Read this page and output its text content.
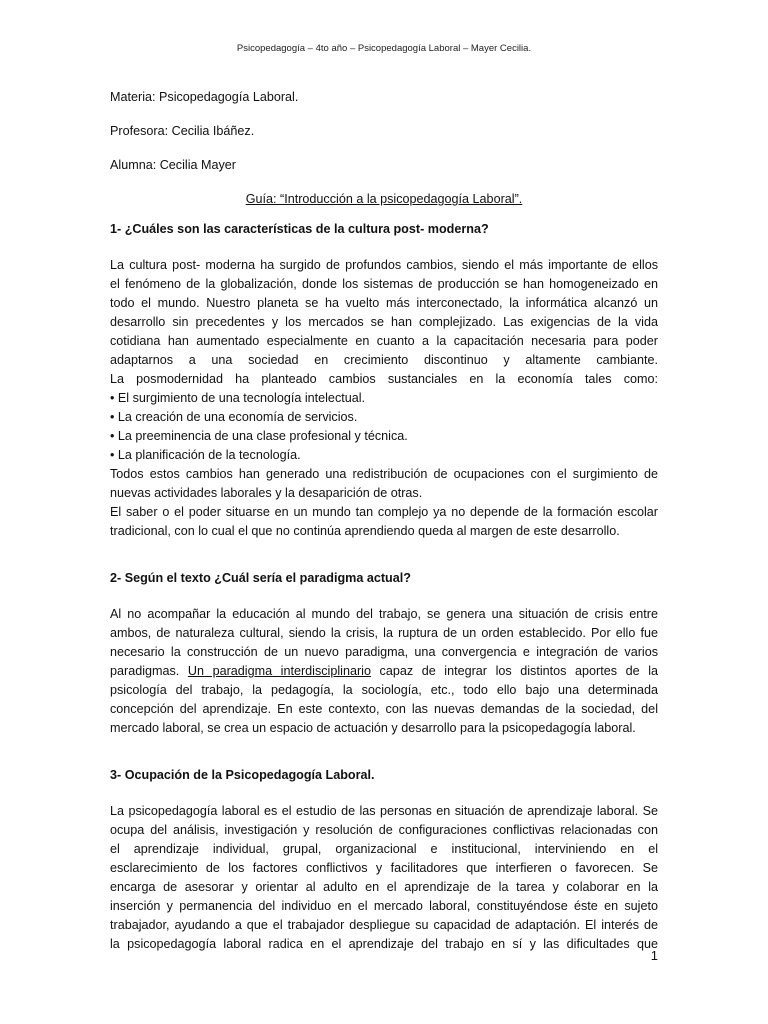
Psicopedagogía – 4to año – Psicopedagogía Laboral – Mayer Cecilia.
Materia: Psicopedagogía Laboral.
Profesora: Cecilia Ibáñez.
Alumna: Cecilia Mayer
Guía: “Introducción a la psicopedagogía Laboral”.
1- ¿Cuáles son las características de la cultura post- moderna?
La cultura post- moderna ha surgido de profundos cambios, siendo el más importante de ellos
el fenómeno de la globalización, donde los sistemas de producción se han homogeneizado en
todo el mundo. Nuestro planeta se ha vuelto más interconectado, la informática alcanzó un
desarrollo sin precedentes y los mercados se han complejizado. Las exigencias de la vida
cotidiana han aumentado especialmente en cuanto a la capacitación necesaria para poder
adaptarnos a una sociedad en crecimiento discontinuo y altamente cambiante.
La posmodernidad ha planteado cambios sustanciales en la economía tales como:
• El surgimiento de una tecnología intelectual.
• La creación de una economía de servicios.
• La preeminencia de una clase profesional y técnica.
• La planificación de la tecnología.
Todos estos cambios han generado una redistribución de ocupaciones con el surgimiento de
nuevas actividades laborales y la desaparición de otras.
El saber o el poder situarse en un mundo tan complejo ya no depende de la formación escolar
tradicional, con lo cual el que no continúa aprendiendo queda al margen de este desarrollo.
2- Según el texto ¿Cuál sería el paradigma actual?
Al no acompañar la educación al mundo del trabajo, se genera una situación de crisis entre
ambos, de naturaleza cultural, siendo la crisis, la ruptura de un orden establecido. Por ello fue
necesario la construcción de un nuevo paradigma, una convergencia e integración de varios
paradigmas. Un paradigma interdisciplinario capaz de integrar los distintos aportes de la
psicología del trabajo, la pedagogía, la sociología, etc., todo ello bajo una determinada
concepción del aprendizaje. En este contexto, con las nuevas demandas de la sociedad, del
mercado laboral, se crea un espacio de actuación y desarrollo para la psicopedagogía laboral.
3- Ocupación de la Psicopedagogía Laboral.
La psicopedagogía laboral es el estudio de las personas en situación de aprendizaje laboral. Se
ocupa del análisis, investigación y resolución de configuraciones conflictivas relacionadas con
el aprendizaje individual, grupal, organizacional e institucional, interviniendo en el
esclarecimiento de los factores conflictivos y facilitadores que interfieren o favorecen. Se
encarga de asesorar y orientar al adulto en el aprendizaje de la tarea y colaborar en la
inserción y permanencia del individuo en el mercado laboral, constituyéndose éste en sujeto
trabajador, ayudando a que el trabajador despliegue su capacidad de adaptación. El interés de
la psicopedagogía laboral radica en el aprendizaje del trabajo en sí y las dificultades que
1
